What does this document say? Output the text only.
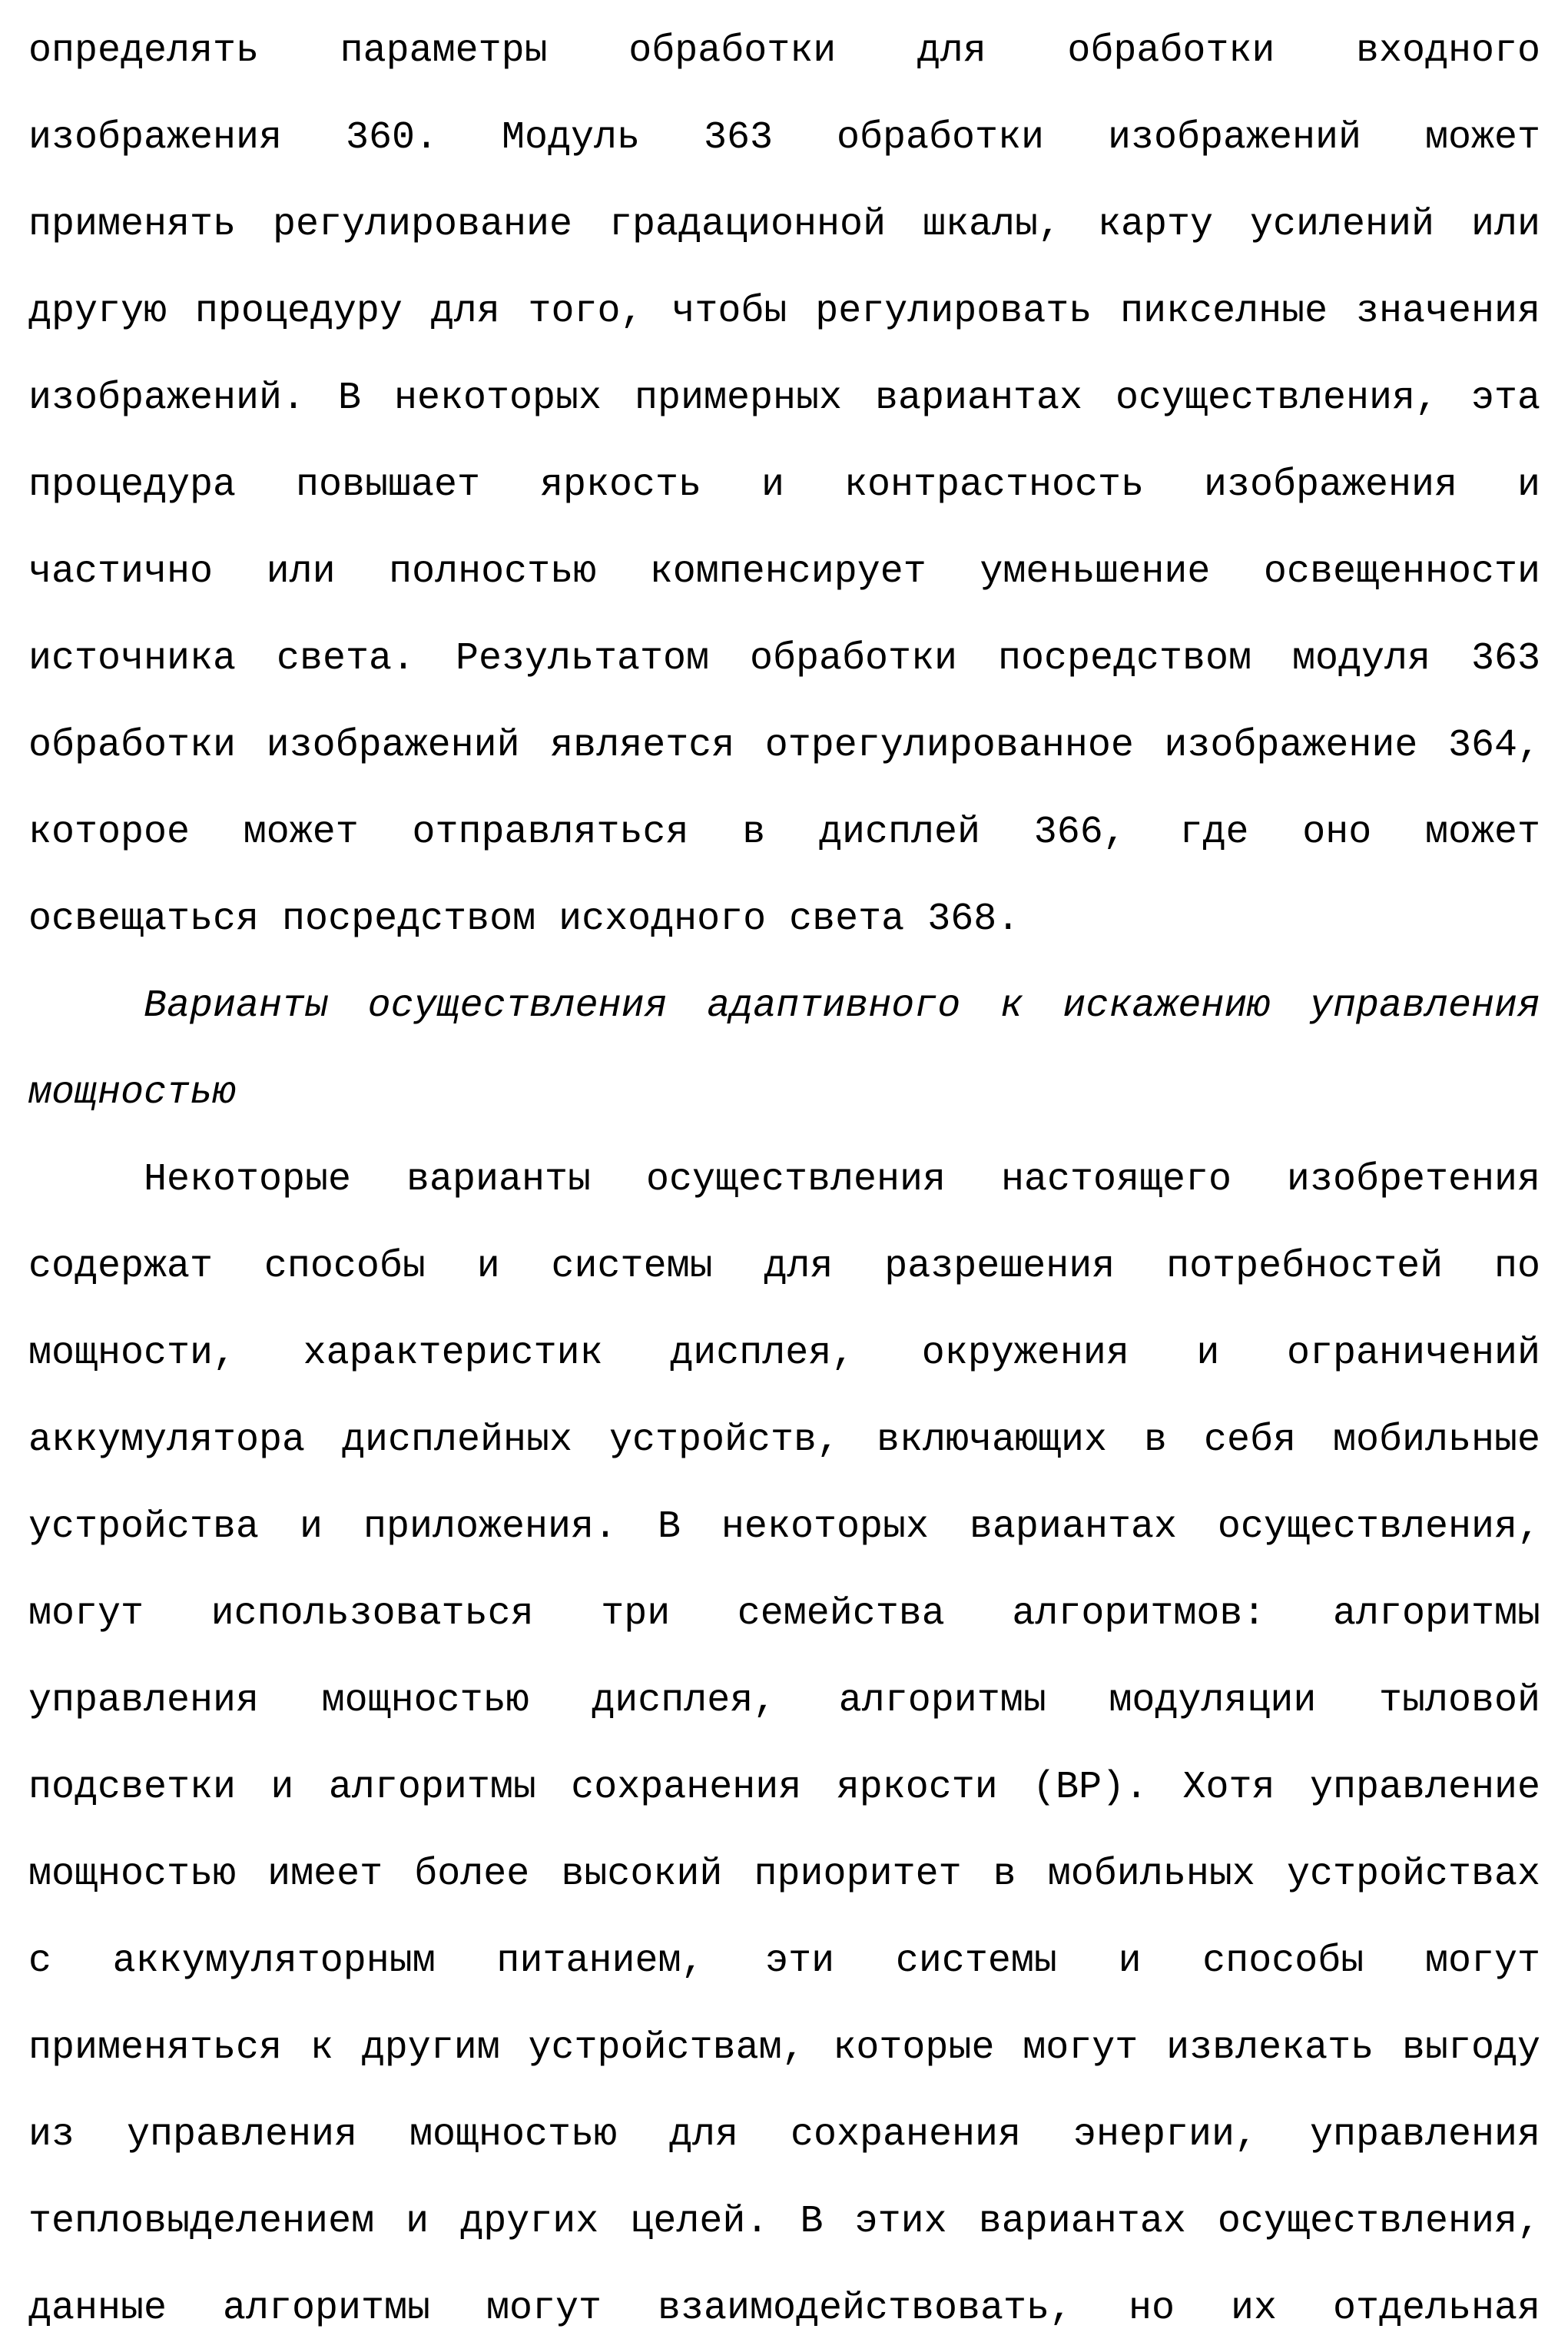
определять параметры обработки для обработки входного
изображения 360. Модуль 363 обработки изображений может
применять регулирование градационной шкалы, карту усилений или
другую процедуру для того, чтобы регулировать пикселные значения
изображений. В некоторых примерных вариантах осуществления, эта
процедура повышает яркость и контрастность изображения и
частично или полностью компенсирует уменьшение освещенности
источника света. Результатом обработки посредством модуля 363
обработки изображений является отрегулированное изображение 364,
которое может отправляться в дисплей 366, где оно может
освещаться посредством исходного света 368.
Варианты осуществления адаптивного к искажению управления
мощностью
Некоторые варианты осуществления настоящего изобретения
содержат способы и системы для разрешения потребностей по
мощности, характеристик дисплея, окружения и ограничений
аккумулятора дисплейных устройств, включающих в себя мобильные
устройства и приложения. В некоторых вариантах осуществления,
могут использоваться три семейства алгоритмов: алгоритмы
управления мощностью дисплея, алгоритмы модуляции тыловой
подсветки и алгоритмы сохранения яркости (BP). Хотя управление
мощностью имеет более высокий приоритет в мобильных устройствах
с аккумуляторным питанием, эти системы и способы могут
применяться к другим устройствам, которые могут извлекать выгоду
из управления мощностью для сохранения энергии, управления
тепловыделением и других целей. В этих вариантах осуществления,
данные алгоритмы могут взаимодействовать, но их отдельная
